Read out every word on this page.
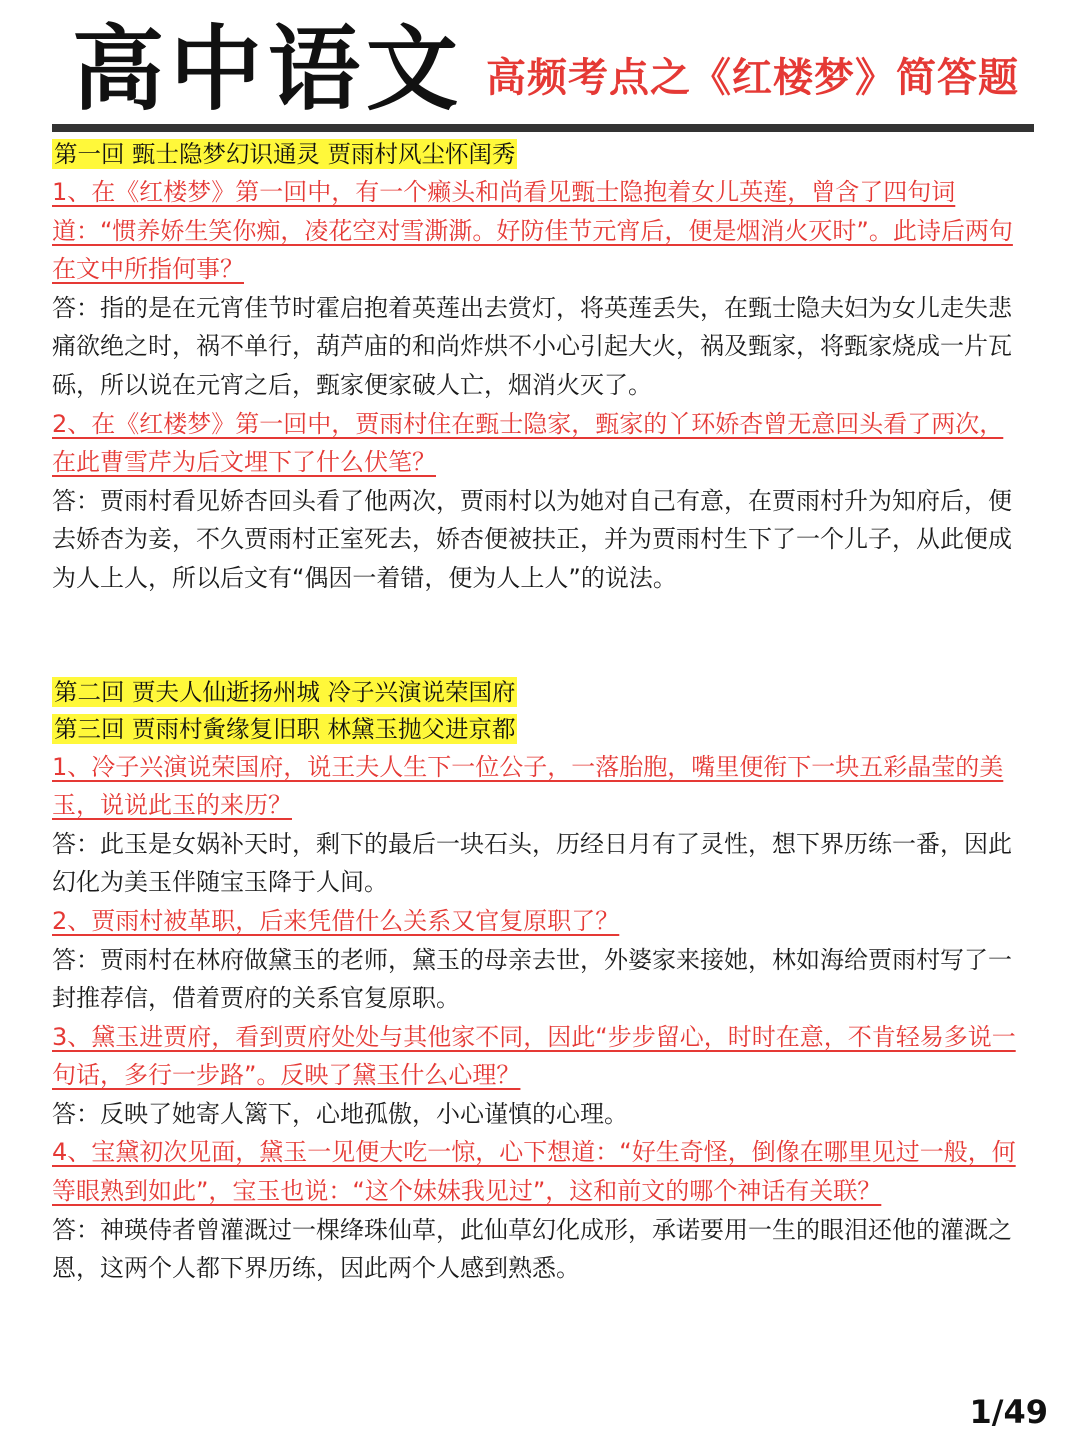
高中语文 高频考点之《红楼梦》简答题

第一回 甄士隐梦幻识通灵 贾雨村风尘怀闺秀

1、在《红楼梦》第一回中，有一个癞头和尚看见甄士隐抱着女儿英莲，曾含了四句词道：“惯养娇生笑你痴，凌花空对雪澌澌。好防佳节元宵后，便是烟消火灭时”。此诗后两句在文中所指何事？

答：指的是在元宵佳节时霍启抱着英莲出去赏灯，将英莲丢失，在甄士隐夫妇为女儿走失悲痛欲绝之时，祸不单行，葫芦庙的和尚炸烘不小心引起大火，祸及甄家，将甄家烧成一片瓦砾，所以说在元宵之后，甄家便家破人亡，烟消火灭了。

2、在《红楼梦》第一回中，贾雨村住在甄士隐家，甄家的丫环娇杏曾无意回头看了两次，在此曹雪芹为后文埋下了什么伏笔？

答：贾雨村看见娇杏回头看了他两次，贾雨村以为她对自己有意，在贾雨村升为知府后，便去娇杏为妾，不久贾雨村正室死去，娇杏便被扶正，并为贾雨村生下了一个儿子，从此便成为人上人，所以后文有“偶因一着错，便为人上人”的说法。

第二回 贾夫人仙逝扬州城 冷子兴演说荣国府

第三回 贾雨村夤缘复旧职 林黛玉抛父进京都

1、冷子兴演说荣国府，说王夫人生下一位公子，一落胎胞，嘴里便衔下一块五彩晶莹的美玉，说说此玉的来历？

答：此玉是女娲补天时，剩下的最后一块石头，历经日月有了灵性，想下界历练一番，因此幻化为美玉伴随宝玉降于人间。

2、贾雨村被革职，后来凭借什么关系又官复原职了？

答：贾雨村在林府做黛玉的老师，黛玉的母亲去世，外婆家来接她，林如海给贾雨村写了一封推荐信，借着贾府的关系官复原职。

3、黛玉进贾府，看到贾府处处与其他家不同，因此“步步留心，时时在意，不肯轻易多说一句话，多行一步路”。反映了黛玉什么心理？

答：反映了她寄人篱下，心地孤傲，小心谨慎的心理。

4、宝黛初次见面，黛玉一见便大吃一惊，心下想道：“好生奇怪，倒像在哪里见过一般，何等眼熟到如此”，宝玉也说：“这个妹妹我见过”，这和前文的哪个神话有关联？

答：神瑛侍者曾灌溉过一棵绛珠仙草，此仙草幻化成形，承诺要用一生的眼泪还他的灌溉之恩，这两个人都下界历练，因此两个人感到熟悉。

1/49
